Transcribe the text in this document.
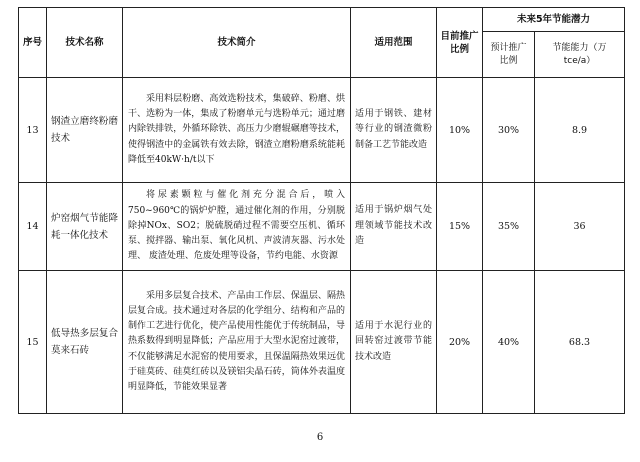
序号	技术名称	技术简介	适用范围	目前推广比例	未来5年节能潜力	
					预计推广比例	节能能力（万 tce/a）
13	钢渣立磨终粉磨技术	采用料层粉磨、高效选粉技术，集破碎、粉磨、烘干、选粉为一体，集成了粉磨单元与选粉单元；通过磨内除铁排铁，外循环除铁、高压力少磨辊碾磨等技术，使得钢渣中的金属铁有效去除，钢渣立磨粉磨系统能耗降低至40kW·h/t以下	适用于钢铁、建材等行业的钢渣微粉制备工艺节能改造	10%	30%	8.9
14	炉窑烟气节能降耗一体化技术	将尿素颗粒与催化剂充分混合后，喷入750~960℃的锅炉炉膛，通过催化剂的作用，分别脱除掉NOx、SO2；脱硫脱硝过程不需要空压机、循环泵、搅拌器、输出泵、氧化风机、声波清灰器、污水处理、 废渣处理、危废处理等设备，节约电能、水资源	适用于锅炉烟气处理领域节能技术改造	15%	35%	36
15	低导热多层复合莫来石砖	采用多层复合技术、产品由工作层、保温层、隔热层复合成。技术通过对各层的化学组分、结构和产品的制作工艺进行优化，使产品使用性能优于传统制品，导热系数得到明显降低；产品应用于大型水泥窑过渡带，不仅能够满足水泥窑的使用要求，且保温隔热效果远优于硅莫砖、硅莫红砖以及镁铝尖晶石砖，筒体外表温度明显降低，节能效果显著	适用于水泥行业的回转窑过渡带节能技术改造	20%	40%	68.3
6
